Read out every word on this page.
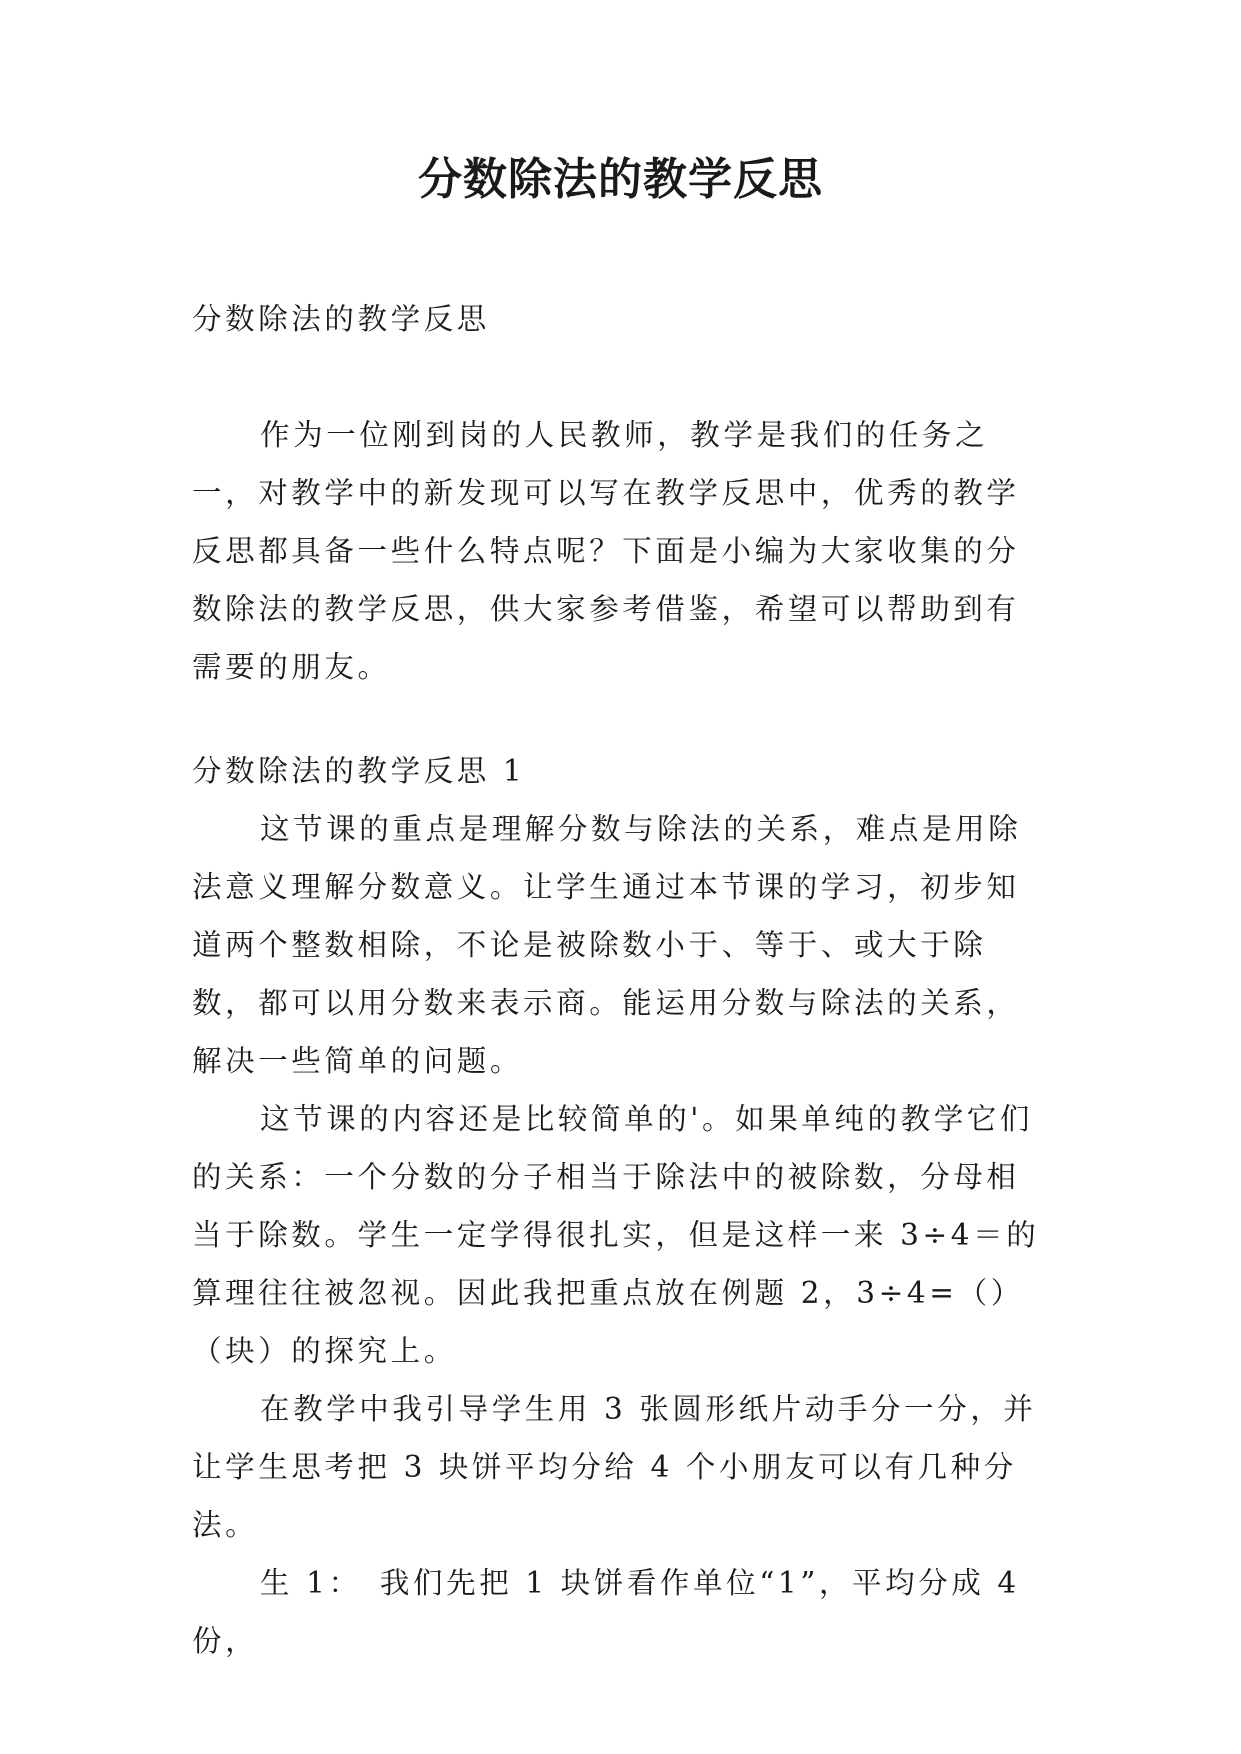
分数除法的教学反思
分数除法的教学反思
作为一位刚到岗的人民教师，教学是我们的任务之一，对教学中的新发现可以写在教学反思中，优秀的教学反思都具备一些什么特点呢？下面是小编为大家收集的分数除法的教学反思，供大家参考借鉴，希望可以帮助到有需要的朋友。
分数除法的教学反思 1
这节课的重点是理解分数与除法的关系，难点是用除法意义理解分数意义。让学生通过本节课的学习，初步知道两个整数相除，不论是被除数小于、等于、或大于除数，都可以用分数来表示商。能运用分数与除法的关系，解决一些简单的问题。
这节课的内容还是比较简单的'。如果单纯的教学它们的关系：一个分数的分子相当于除法中的被除数，分母相当于除数。学生一定学得很扎实，但是这样一来 3÷4＝的算理往往被忽视。因此我把重点放在例题 2，3÷4=（）（块）的探究上。
在教学中我引导学生用 3 张圆形纸片动手分一分，并让学生思考把 3 块饼平均分给 4 个小朋友可以有几种分法。
生 1：　我们先把 1 块饼看作单位“1”，平均分成 4 份，
